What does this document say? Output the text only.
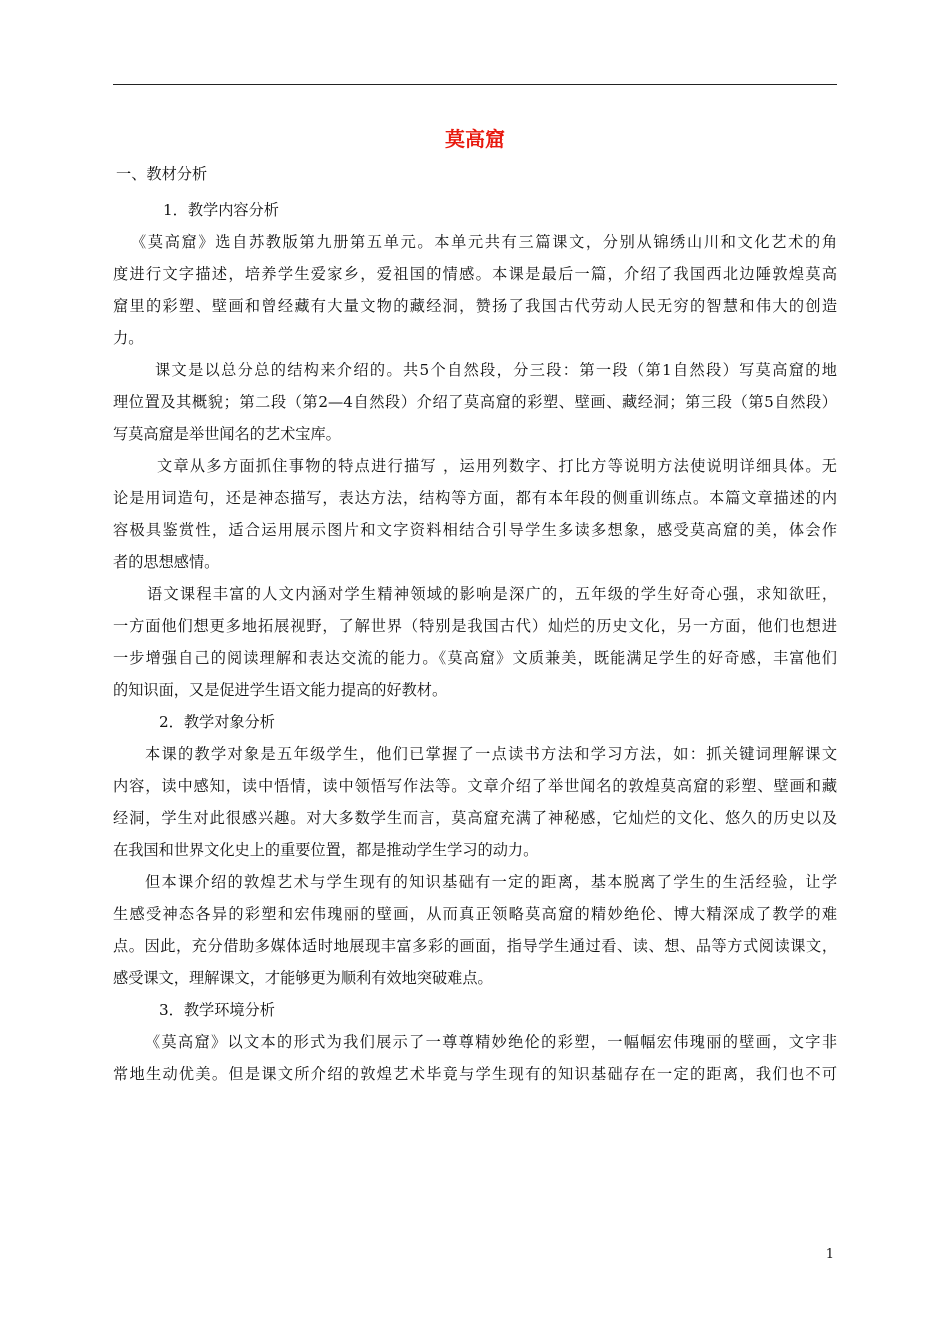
莫高窟
一、教材分析
1．教学内容分析
《莫高窟》选自苏教版第九册第五单元。本单元共有三篇课文，分别从锦绣山川和文化艺术的角
度进行文字描述，培养学生爱家乡，爱祖国的情感。本课是最后一篇，介绍了我国西北边陲敦煌莫高
窟里的彩塑、壁画和曾经藏有大量文物的藏经洞，赞扬了我国古代劳动人民无穷的智慧和伟大的创造
力。
课文是以总分总的结构来介绍的。共5个自然段，分三段：第一段（第1自然段）写莫高窟的地
理位置及其概貌；第二段（第2—4自然段）介绍了莫高窟的彩塑、壁画、藏经洞；第三段（第5自然段）
写莫高窟是举世闻名的艺术宝库。
文章从多方面抓住事物的特点进行描写 ，运用列数字、打比方等说明方法使说明详细具体。无
论是用词造句，还是神态描写，表达方法，结构等方面，都有本年段的侧重训练点。本篇文章描述的内
容极具鉴赏性，适合运用展示图片和文字资料相结合引导学生多读多想象，感受莫高窟的美，体会作
者的思想感情。
语文课程丰富的人文内涵对学生精神领域的影响是深广的，五年级的学生好奇心强，求知欲旺，
一方面他们想更多地拓展视野，了解世界（特别是我国古代）灿烂的历史文化，另一方面，他们也想进
一步增强自己的阅读理解和表达交流的能力。《莫高窟》文质兼美，既能满足学生的好奇感，丰富他们
的知识面，又是促进学生语文能力提高的好教材。
2．教学对象分析
本课的教学对象是五年级学生，他们已掌握了一点读书方法和学习方法，如：抓关键词理解课文
内容，读中感知，读中悟情，读中领悟写作法等。文章介绍了举世闻名的敦煌莫高窟的彩塑、壁画和藏
经洞，学生对此很感兴趣。对大多数学生而言，莫高窟充满了神秘感，它灿烂的文化、悠久的历史以及
在我国和世界文化史上的重要位置，都是推动学生学习的动力。
但本课介绍的敦煌艺术与学生现有的知识基础有一定的距离，基本脱离了学生的生活经验，让学
生感受神态各异的彩塑和宏伟瑰丽的壁画，从而真正领略莫高窟的精妙绝伦、博大精深成了教学的难
点。因此，充分借助多媒体适时地展现丰富多彩的画面，指导学生通过看、读、想、品等方式阅读课文，
感受课文，理解课文，才能够更为顺利有效地突破难点。
3．教学环境分析
《莫高窟》以文本的形式为我们展示了一尊尊精妙绝伦的彩塑，一幅幅宏伟瑰丽的壁画，文字非
常地生动优美。但是课文所介绍的敦煌艺术毕竟与学生现有的知识基础存在一定的距离，我们也不可
1
